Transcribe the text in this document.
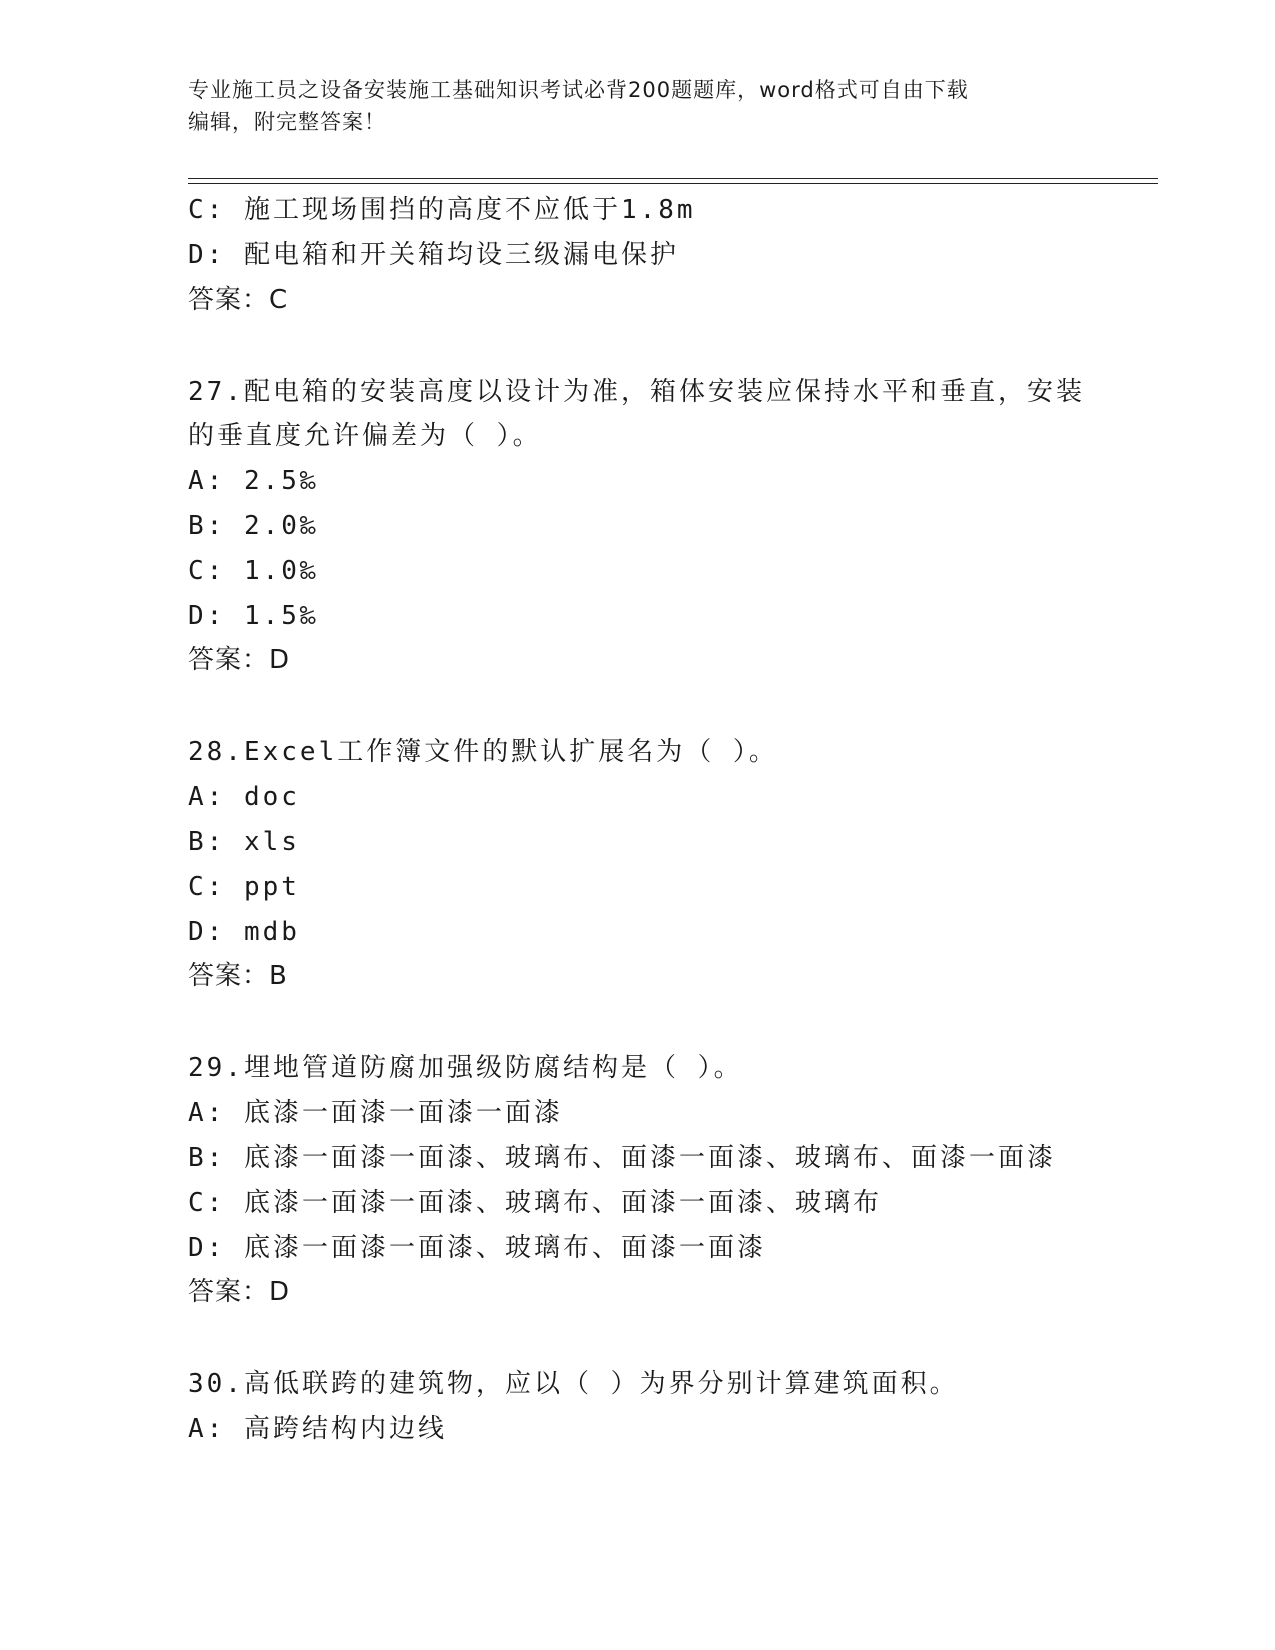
专业施工员之设备安装施工基础知识考试必背200题题库，word格式可自由下载
编辑，附完整答案！
C: 施工现场围挡的高度不应低于1.8m
D: 配电箱和开关箱均设三级漏电保护
答案：C
27.配电箱的安装高度以设计为准，箱体安装应保持水平和垂直，安装
的垂直度允许偏差为（ ）。
A: 2.5‰
B: 2.0‰
C: 1.0‰
D: 1.5‰
答案：D
28.Excel工作簿文件的默认扩展名为（ ）。
A: doc
B: xls
C: ppt
D: mdb
答案：B
29.埋地管道防腐加强级防腐结构是（ ）。
A: 底漆一面漆一面漆一面漆
B: 底漆一面漆一面漆、玻璃布、面漆一面漆、玻璃布、面漆一面漆
C: 底漆一面漆一面漆、玻璃布、面漆一面漆、玻璃布
D: 底漆一面漆一面漆、玻璃布、面漆一面漆
答案：D
30.高低联跨的建筑物，应以（ ）为界分别计算建筑面积。
A: 高跨结构内边线
